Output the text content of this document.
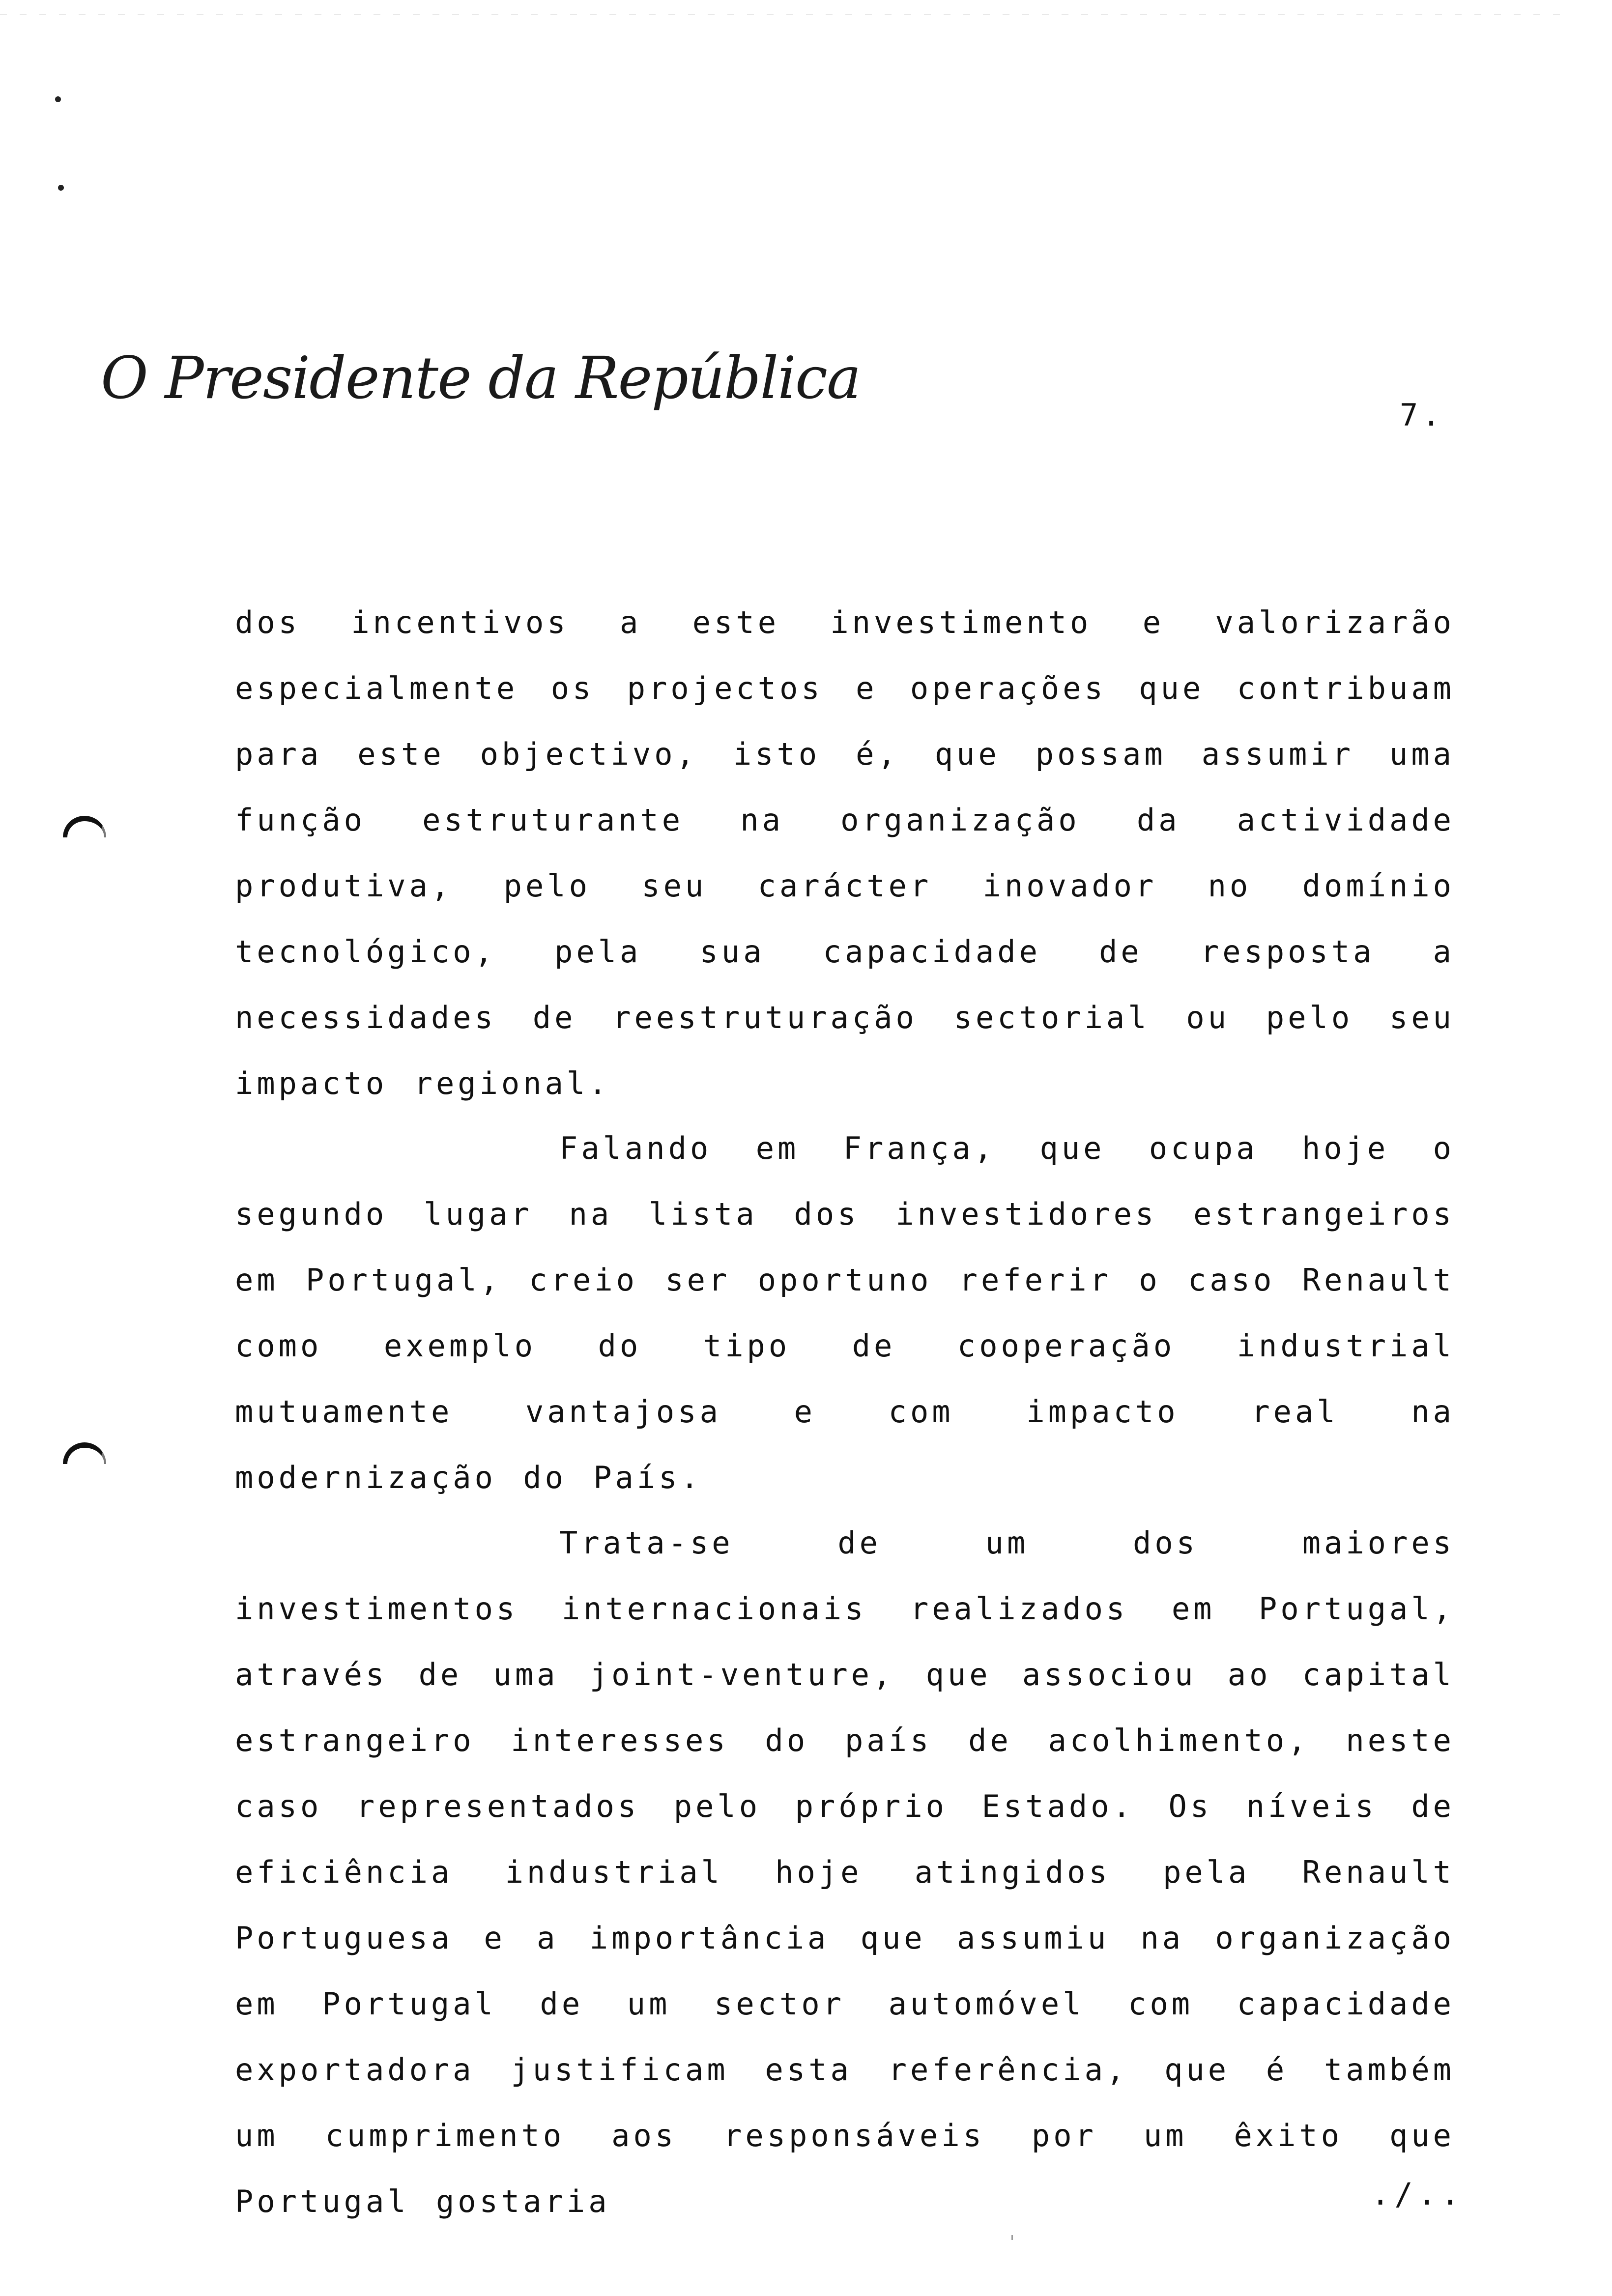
O Presidente da República
7.

dos incentivos a este investimento e valorizarão especialmente os projectos e operações que contribuam para este objectivo, isto é, que possam assumir uma função estruturante na organização da actividade produtiva, pelo seu carácter inovador no domínio tecnológico, pela sua capacidade de resposta a necessidades de reestruturação sectorial ou pelo seu impacto regional.

Falando em França, que ocupa hoje o segundo lugar na lista dos investidores estrangeiros em Portugal, creio ser oportuno referir o caso Renault como exemplo do tipo de cooperação industrial mutuamente vantajosa e com impacto real na modernização do País.

Trata-se de um dos maiores investimentos internacionais realizados em Portugal, através de uma joint-venture, que associou ao capital estrangeiro interesses do país de acolhimento, neste caso representados pelo próprio Estado. Os níveis de eficiência industrial hoje atingidos pela Renault Portuguesa e a importância que assumiu na organização em Portugal de um sector automóvel com capacidade exportadora justificam esta referência, que é também um cumprimento aos responsáveis por um êxito que Portugal gostaria	./..
